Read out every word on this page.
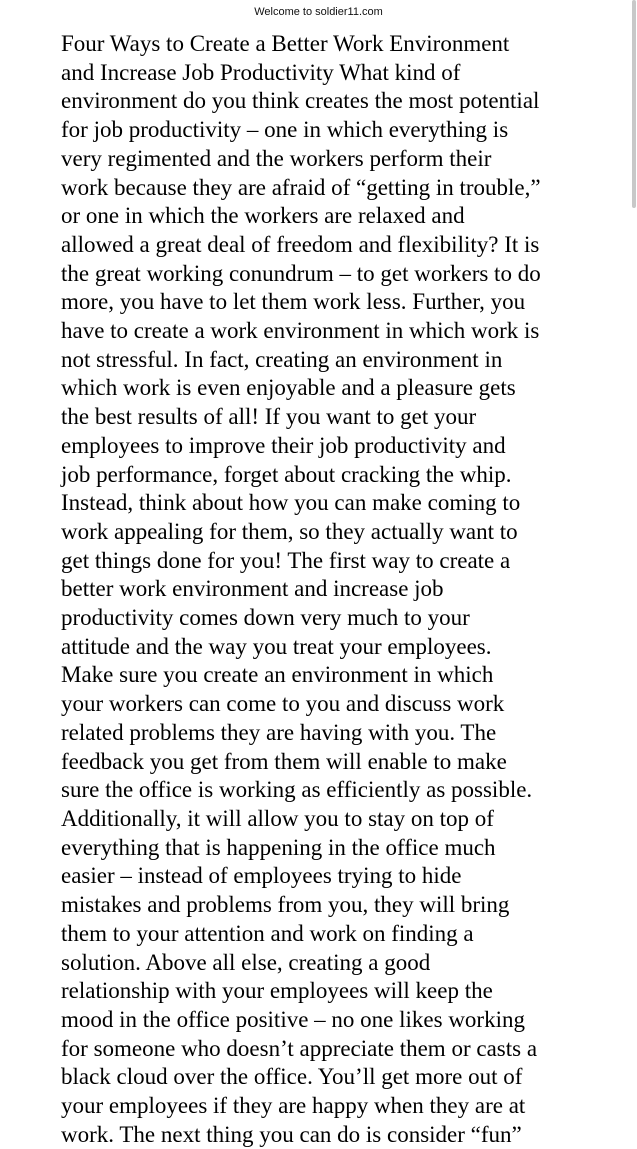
Welcome to soldier11.com
Four Ways to Create a Better Work Environment
and Increase Job Productivity What kind of
environment do you think creates the most potential
for job productivity – one in which everything is
very regimented and the workers perform their
work because they are afraid of “getting in trouble,”
or one in which the workers are relaxed and
allowed a great deal of freedom and flexibility? It is
the great working conundrum – to get workers to do
more, you have to let them work less. Further, you
have to create a work environment in which work is
not stressful. In fact, creating an environment in
which work is even enjoyable and a pleasure gets
the best results of all! If you want to get your
employees to improve their job productivity and
job performance, forget about cracking the whip.
Instead, think about how you can make coming to
work appealing for them, so they actually want to
get things done for you! The first way to create a
better work environment and increase job
productivity comes down very much to your
attitude and the way you treat your employees.
Make sure you create an environment in which
your workers can come to you and discuss work
related problems they are having with you. The
feedback you get from them will enable to make
sure the office is working as efficiently as possible.
Additionally, it will allow you to stay on top of
everything that is happening in the office much
easier – instead of employees trying to hide
mistakes and problems from you, they will bring
them to your attention and work on finding a
solution. Above all else, creating a good
relationship with your employees will keep the
mood in the office positive – no one likes working
for someone who doesn’t appreciate them or casts a
black cloud over the office. You’ll get more out of
your employees if they are happy when they are at
work. The next thing you can do is consider “fun”
